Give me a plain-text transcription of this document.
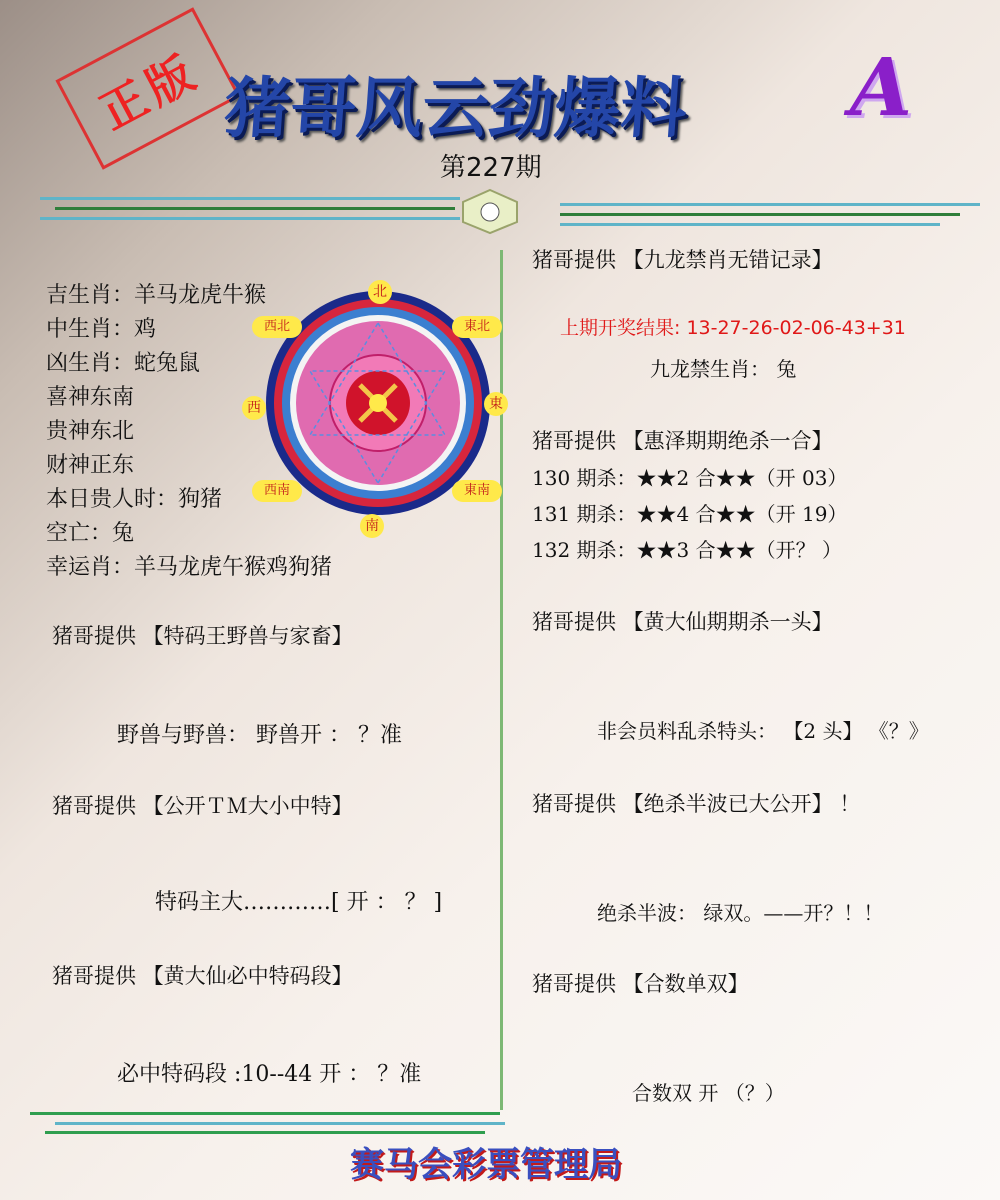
正版 猪哥风云劲爆料 A
第227期
吉生肖：羊马龙虎牛猴
中生肖：鸡
凶生肖：蛇兔鼠
喜神东南
贵神东北
财神正东
本日贵人时：狗猪
空亡：兔
幸运肖：羊马龙虎午猴鸡狗猪
北
南
東
西
西北	東北
西南	東南
猪哥提供 【特码王野兽与家畜】
野兽与野兽： 野兽开 ： ？准
猪哥提供 【公开ＴＭ大小中特】
特码主大…………[ 开 ： ？ ]
猪哥提供 【黄大仙必中特码段】
必中特码段 :10--44 开 ： ？准
猪哥提供 【九龙禁肖无错记录】
上期开奖结果: 13-27-26-02-06-43+31
九龙禁生肖： 兔
猪哥提供 【惠泽期期绝杀一合】
130 期杀：★★2 合★★（开 03）
131 期杀：★★4 合★★（开 19）
132 期杀：★★3 合★★（开？ ）
猪哥提供 【黄大仙期期杀一头】
非会员料乱杀特头： 【2 头】 《？》
猪哥提供 【绝杀半波已大公开】 ！
绝杀半波： 绿双。——开？！！
猪哥提供 【合数单双】
合数双 开 （？）
赛马会彩票管理局
